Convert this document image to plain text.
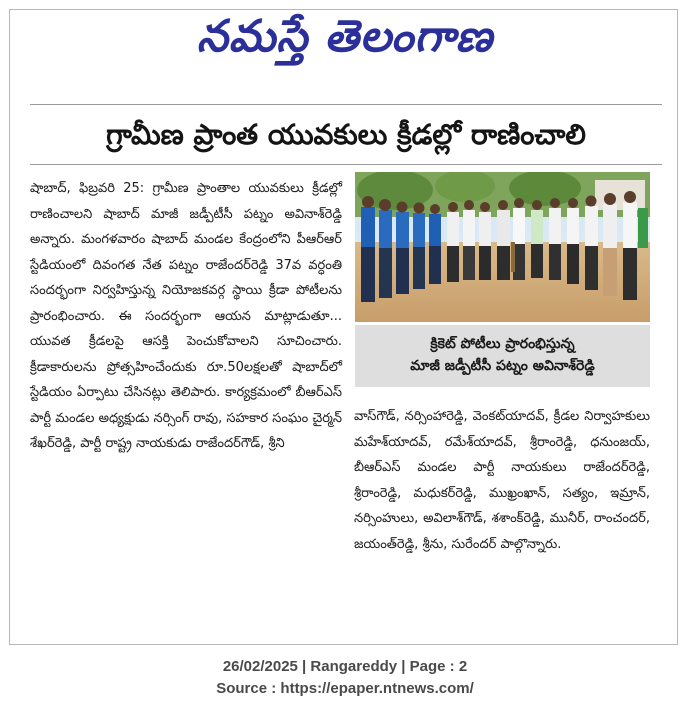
నమస్తే తెలంగాణ
గ్రామీణ ప్రాంత యువకులు క్రీడల్లో రాణించాలి
షాబాద్, ఫిబ్రవరి 25: గ్రామీణ ప్రాంతాల యువకులు క్రీడల్లో రాణించాలని షాబాద్ మాజీ జడ్పీటీసీ పట్నం అవినాశ్‌రెడ్డి అన్నారు. మంగళవారం షాబాద్ మండల కేంద్రంలోని పీఆర్ఆర్ స్టేడియంలో దివంగత నేత పట్నం రాజేందర్‌రెడ్డి 37వ వర్ధంతి సందర్భంగా నిర్వహిస్తున్న నియోజకవర్గ స్థాయి క్రీడా పోటీలను ప్రారంభించారు. ఈ సందర్భంగా ఆయన మాట్లాడుతూ... యువత క్రీడలపై ఆసక్తి పెంచుకోవాలని సూచించారు. క్రీడాకారులను ప్రోత్సహించేందుకు రూ.50లక్షలతో షాబాద్‌లో స్టేడియం ఏర్పాటు చేసినట్లు తెలిపారు. కార్యక్రమంలో బీఆర్ఎస్ పార్టీ మండల అధ్యక్షుడు నర్సింగ్ రావు, సహకార సంఘం చైర్మన్ శేఖర్‌రెడ్డి, పార్టీ రాష్ట్ర నాయకుడు రాజేందర్‌గౌడ్, శ్రీని
క్రికెట్ పోటీలు ప్రారంభిస్తున్న
మాజీ జడ్పీటీసీ పట్నం అవినాశ్‌రెడ్డి
వాస్‌గౌడ్, నర్సింహారెడ్డి, వెంకట్‌యాదవ్, క్రీడల నిర్వాహకులు మహేశ్‌యాదవ్, రమేశ్‌యాదవ్, శ్రీరాంరెడ్డి, ధనుంజయ్, బీఆర్ఎస్ మండల పార్టీ నాయకులు రాజేందర్‌రెడ్డి, శ్రీరాంరెడ్డి, మధుకర్‌రెడ్డి, ముఖ్రంఖాన్, సత్యం, ఇమ్రాన్, నర్సింహులు, అవిలాశ్‌గౌడ్, శశాంక్‌రెడ్డి, మునీర్, రాంచందర్, జయంత్‌రెడ్డి, శ్రీను, సురేందర్ పాల్గొన్నారు.
26/02/2025 | Rangareddy | Page : 2
Source : https://epaper.ntnews.com/
